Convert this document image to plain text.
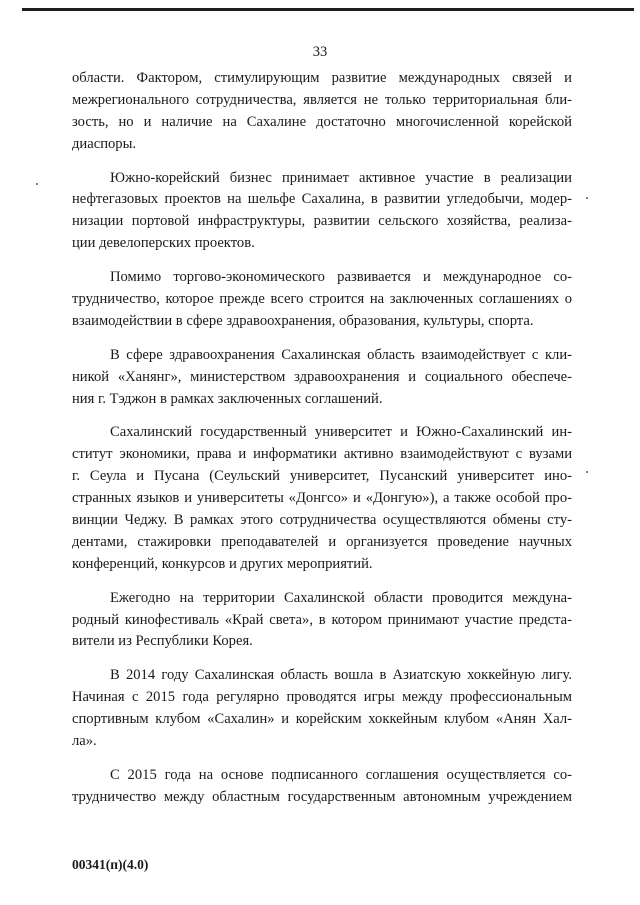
33
области. Фактором, стимулирующим развитие международных связей и
межрегионального сотрудничества, является не только территориальная бли-
зость, но и наличие на Сахалине достаточно многочисленной корейской
диаспоры.
Южно-корейский бизнес принимает активное участие в реализации
нефтегазовых проектов на шельфе Сахалина, в развитии угледобычи, модер-
низации портовой инфраструктуры, развитии сельского хозяйства, реализа-
ции девелоперских проектов.
Помимо торгово-экономического развивается и международное со-
трудничество, которое прежде всего строится на заключенных соглашениях о
взаимодействии в сфере здравоохранения, образования, культуры, спорта.
В сфере здравоохранения Сахалинская область взаимодействует с кли-
никой «Ханянг», министерством здравоохранения и социального обеспече-
ния г. Тэджон в рамках заключенных соглашений.
Сахалинский государственный университет и Южно-Сахалинский ин-
ститут экономики, права и информатики активно взаимодействуют с вузами
г. Сеула и Пусана (Сеульский университет, Пусанский университет ино-
странных языков и университеты «Донгсо» и «Донгую»), а также особой про-
винции Чеджу. В рамках этого сотрудничества осуществляются обмены сту-
дентами, стажировки преподавателей и организуется проведение научных
конференций, конкурсов и других мероприятий.
Ежегодно на территории Сахалинской области проводится междуна-
родный кинофестиваль «Край света», в котором принимают участие предста-
вители из Республики Корея.
В 2014 году Сахалинская область вошла в Азиатскую хоккейную лигу.
Начиная с 2015 года регулярно проводятся игры между профессиональным
спортивным клубом «Сахалин» и корейским хоккейным клубом «Анян Хал-
ла».
С 2015 года на основе подписанного соглашения осуществляется со-
трудничество между областным государственным автономным учреждением
00341(п)(4.0)
